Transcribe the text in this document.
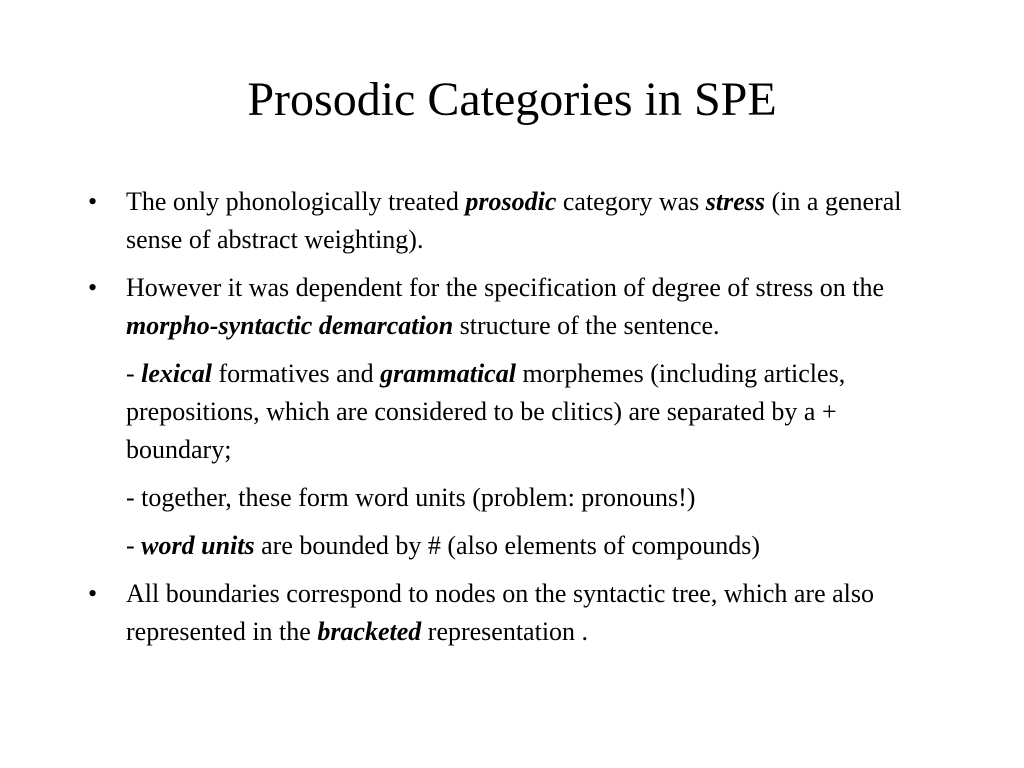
Prosodic Categories in SPE
• The only phonologically treated prosodic category was stress (in a general sense of abstract weighting).
• However it was dependent for the specification of degree of stress on the morpho-syntactic demarcation structure of the sentence.
- lexical formatives and grammatical morphemes (including articles, prepositions, which are considered to be clitics) are separated by a + boundary;
- together, these form word units (problem: pronouns!)
- word units are bounded by # (also elements of compounds)
• All boundaries correspond to nodes on the syntactic tree, which are also represented in the bracketed representation .
